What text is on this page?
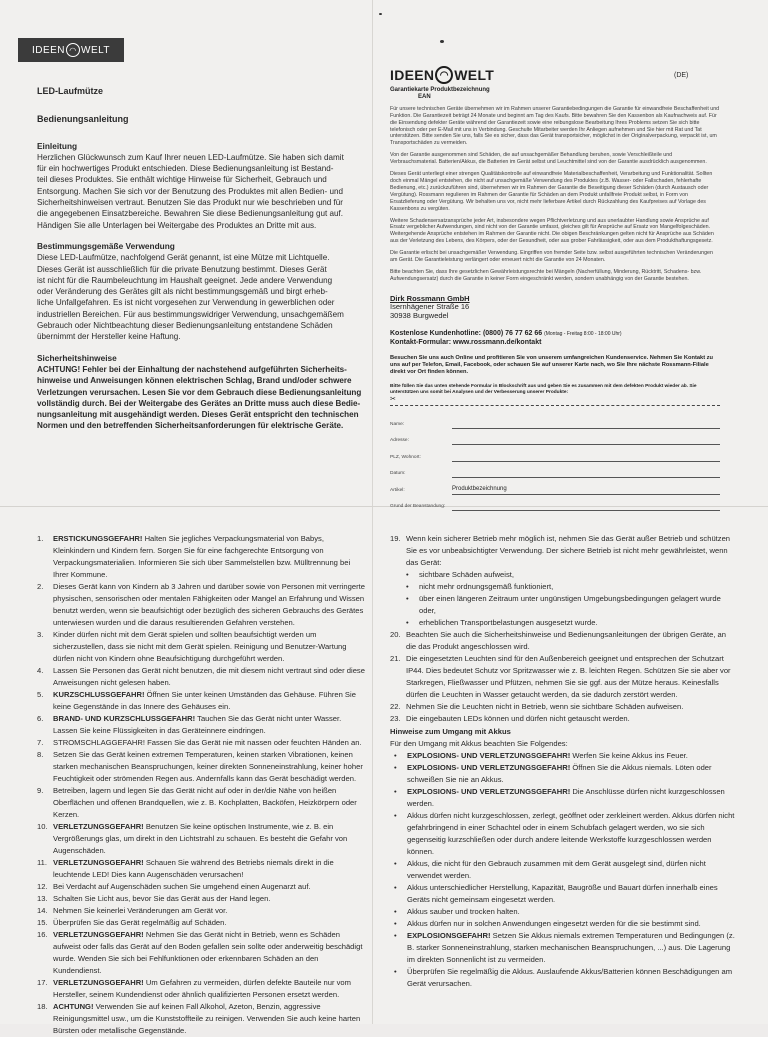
IDEEN ◠ WELT
LED-Laufmütze
Bedienungsanleitung
Einleitung
Herzlichen Glückwunsch zum Kauf Ihrer neuen LED-Laufmütze. Sie haben sich damit
für ein hochwertiges Produkt entschieden. Diese Bedienungsanleitung ist Bestand-
teil dieses Produktes. Sie enthält wichtige Hinweise für Sicherheit, Gebrauch und
Entsorgung. Machen Sie sich vor der Benutzung des Produktes mit allen Bedien- und
Sicherheitshinweisen vertraut. Benutzen Sie das Produkt nur wie beschrieben und für
die angegebenen Einsatzbereiche. Bewahren Sie diese Bedienungsanleitung gut auf.
Händigen Sie alle Unterlagen bei Weitergabe des Produktes an Dritte mit aus.
Bestimmungsgemäße Verwendung
Diese LED-Laufmütze, nachfolgend Gerät genannt, ist eine Mütze mit Lichtquelle.
Dieses Gerät ist ausschließlich für die private Benutzung bestimmt. Dieses Gerät
ist nicht für die Raumbeleuchtung im Haushalt geeignet. Jede andere Verwendung
oder Veränderung des Gerätes gilt als nicht bestimmungsgemäß und birgt erheb-
liche Unfallgefahren. Es ist nicht vorgesehen zur Verwendung in gewerblichen oder
industriellen Bereichen. Für aus bestimmungswidriger Verwendung, unsachgemäßem
Gebrauch oder Nichtbeachtung dieser Bedienungsanleitung entstandene Schäden
übernimmt der Hersteller keine Haftung.
Sicherheitshinweise
ACHTUNG! Fehler bei der Einhaltung der nachstehend aufgeführten Sicherheits-
hinweise und Anweisungen können elektrischen Schlag, Brand und/oder schwere
Verletzungen verursachen. Lesen Sie vor dem Gebrauch diese Bedienungsanleitung
vollständig durch. Bei der Weitergabe des Gerätes an Dritte muss auch diese Bedie-
nungsanleitung mit ausgehändigt werden. Dieses Gerät entspricht den technischen
Normen und den betreffenden Sicherheitsanforderungen für elektrische Geräte.
IDEEN ◠ WELT	(DE)
Garantiekarte Produktbezeichnung
EAN
Für unsere technischen Geräte übernehmen wir im Rahmen unserer Garantiebedingungen die Garantie für einwandfreie Beschaffenheit und Funktion. Die Garantiezeit beträgt 24 Monate und beginnt am Tag des Kaufs. Bitte bewahren Sie den Kassenbon als Kaufnachweis auf. Für die Einsendung defekter Geräte während der Garantiezeit sowie eine reibungslose Bearbeitung Ihres Problems setzen Sie sich bitte telefonisch oder per E-Mail mit uns in Verbindung. Geschulte Mitarbeiter werden Ihr Anliegen aufnehmen und Sie hier mit Rat und Tat unterstützen. Bitte senden Sie uns, falls Sie es sicher, dass das Gerät transportsicher, möglichst in der Originalverpackung, verpackt ist, um Transportschäden zu vermeiden.
Von der Garantie ausgenommen sind Schäden, die auf unsachgemäßer Behandlung beruhen, sowie Verschleißteile und Verbrauchsmaterial. Batterien/Akkus, die Batterien im Gerät selbst und Leuchtmittel sind von der Garantie ausdrücklich ausgenommen.
Dieses Gerät unterliegt einer strengen Qualitätskontrolle auf einwandfreie Materialbeschaffenheit, Verarbeitung und Funktionalität. Sollten doch einmal Mängel entstehen, die nicht auf unsachgemäße Verwendung des Produktes (z.B. Wasser- oder Fallschaden, fehlerhafte Bedienung, etc.) zurückzuführen sind, übernehmen wir im Rahmen der Garantie die Beseitigung dieser Schäden (durch Austausch oder Vergütung). Rossmann regulieren im Rahmen der Garantie für Schäden an dem Produkt unfallfreie Produkt selbst, in Form von Ersatzlieferung oder Vergütung. Wir behalten uns vor, nicht mehr lieferbare Artikel durch Rückzahlung des Kaufpreises auf Vorlage des Kassenbons zu vergüten.
Weitere Schadensersatzansprüche jeder Art, insbesondere wegen Pflichtverletzung und aus unerlaubter Handlung sowie Ansprüche auf Ersatz vergeblicher Aufwendungen, sind nicht von der Garantie umfasst, gleiches gilt für Ansprüche auf Ersatz von Mangelfolgeschäden. Weitergehende Ansprüche entstehen im Rahmen der Garantie nicht. Die obigen Beschränkungen gelten nicht für Ansprüche aus Schäden aus der Verletzung des Lebens, des Körpers, oder der Gesundheit, oder aus grober Fahrlässigkeit, oder aus dem Produkthaftungsgesetz.
Die Garantie erlischt bei unsachgemäßer Verwendung. Eingriffen von fremder Seite bzw. selbst ausgeführten technischen Veränderungen am Gerät. Die Garantieleistung verlängert oder erneuert nicht die Garantie von 24 Monaten.
Bitte beachten Sie, dass Ihre gesetzlichen Gewährleistungsrechte bei Mängeln (Nacherfüllung, Minderung, Rücktritt, Schadens- bzw. Aufwendungsersatz) durch die Garantie in keiner Form eingeschränkt werden, sondern unabhängig von der Garantie bestehen.
Dirk Rossmann GmbH
Isernhägener Straße 16
30938 Burgwedel
Kostenlose Kundenhotline: (0800) 76 77 62 66 (Montag - Freitag 8:00 - 18:00 Uhr)
Kontakt-Formular: www.rossmann.de/kontakt
Besuchen Sie uns auch Online und profitieren Sie von unserem umfangreichen Kundenservice. Nehmen Sie Kontakt zu uns auf per Telefon, Email, Facebook, oder schauen Sie auf unserer Karte nach, wo Sie Ihre nächste Rossmann-Filiale direkt vor Ort finden können.
Bitte füllen Sie das unten stehende Formular in Blockschrift aus und geben Sie es zusammen mit dem defekten Produkt wieder ab. Sie unterstützen uns somit bei Analysen und der Verbesserung unserer Produkte:
✂
Name:
Adresse:
PLZ, Wohnort:
Datum:
Artikel:	Produktbezeichnung
Grund der Beanstandung:
1.	ERSTICKUNGSGEFAHR! Halten Sie jegliches Verpackungsmaterial von Babys, Kleinkindern und Kindern fern. Sorgen Sie für eine fachgerechte Entsorgung von Verpackungsmaterialien. Informieren Sie sich über Sammelstellen bzw. Mülltrennung bei Ihrer Kommune.
2.	Dieses Gerät kann von Kindern ab 3 Jahren und darüber sowie von Personen mit verringerte physischen, sensorischen oder mentalen Fähigkeiten oder Mangel an Erfahrung und Wissen benutzt werden, wenn sie beaufsichtigt oder bezüglich des sicheren Gebrauchs des Gerätes unterwiesen wurden und die daraus resultierenden Gefahren verstehen.
3.	Kinder dürfen nicht mit dem Gerät spielen und sollten beaufsichtigt werden um sicherzustellen, dass sie nicht mit dem Gerät spielen. Reinigung und Benutzer-Wartung dürfen nicht von Kindern ohne Beaufsichtigung durchgeführt werden.
4.	Lassen Sie Personen das Gerät nicht benutzen, die mit diesem nicht vertraut sind oder diese Anweisungen nicht gelesen haben.
5.	KURZSCHLUSSGEFAHR! Öffnen Sie unter keinen Umständen das Gehäuse. Führen Sie keine Gegenstände in das Innere des Gehäuses ein.
6.	BRAND- UND KURZSCHLUSSGEFAHR! Tauchen Sie das Gerät nicht unter Wasser. Lassen Sie keine Flüssigkeiten in das Geräteinnere eindringen.
7.	STROMSCHLAGGEFAHR! Fassen Sie das Gerät nie mit nassen oder feuchten Händen an.
8.	Setzen Sie das Gerät keinen extremen Temperaturen, keinen starken Vibrationen, keinen starken mechanischen Beanspruchungen, keiner direkten Sonneneinstrahlung, keiner hoher Feuchtigkeit oder strömenden Regen aus. Andernfalls kann das Gerät beschädigt werden.
9.	Betreiben, lagern und legen Sie das Gerät nicht auf oder in der/die Nähe von heißen Oberflächen und offenen Brandquellen, wie z. B. Kochplatten, Backöfen, Heizkörpern oder Kerzen.
10. VERLETZUNGSGEFAHR! Benutzen Sie keine optischen Instrumente, wie z. B. ein Vergrößerungs glas, um direkt in den Lichtstrahl zu schauen. Es besteht die Gefahr von Augenschäden.
11. VERLETZUNGSGEFAHR! Schauen Sie während des Betriebs niemals direkt in die leuchtende LED! Dies kann Augenschäden verursachen!
12. Bei Verdacht auf Augenschäden suchen Sie umgehend einen Augenarzt auf.
13. Schalten Sie Licht aus, bevor Sie das Gerät aus der Hand legen.
14. Nehmen Sie keinerlei Veränderungen am Gerät vor.
15. Überprüfen Sie das Gerät regelmäßig auf Schäden.
16. VERLETZUNGSGEFAHR! Nehmen Sie das Gerät nicht in Betrieb, wenn es Schäden aufweist oder falls das Gerät auf den Boden gefallen sein sollte oder anderweitig beschädigt wurde. Wenden Sie sich bei Fehlfunktionen oder erkennbaren Schäden an den Kundendienst.
17. VERLETZUNGSGEFAHR! Um Gefahren zu vermeiden, dürfen defekte Bauteile nur vom Hersteller, seinem Kundendienst oder ähnlich qualifizierten Personen ersetzt werden.
18. ACHTUNG! Verwenden Sie auf keinen Fall Alkohol, Azeton, Benzin, aggressive Reinigungsmittel usw., um die Kunststoffteile zu reinigen. Verwenden Sie auch keine harten Bürsten oder metallische Gegenstände.
19. Wenn kein sicherer Betrieb mehr möglich ist, nehmen Sie das Gerät außer Betrieb und schützen Sie es vor unbeabsichtigter Verwendung. Der sichere Betrieb ist nicht mehr gewährleistet, wenn das Gerät:
•	sichtbare Schäden aufweist,
•	nicht mehr ordnungsgemäß funktioniert,
•	über einen längeren Zeitraum unter ungünstigen Umgebungsbedingungen gelagert wurde oder,
•	erheblichen Transportbelastungen ausgesetzt wurde.
20. Beachten Sie auch die Sicherheitshinweise und Bedienungsanleitungen der übrigen Geräte, an die das Produkt angeschlossen wird.
21. Die eingesetzten Leuchten sind für den Außenbereich geeignet und entsprechen der Schutzart IP44. Dies bedeutet Schutz vor Spritzwasser wie z. B. leichten Regen. Schützen Sie sie aber vor Starkregen, Fließwasser und Pfützen, nehmen Sie sie ggf. aus der Mütze heraus. Keinesfalls dürfen die Leuchten in Wasser getaucht werden, da sie dadurch zerstört werden.
22. Nehmen Sie die Leuchten nicht in Betrieb, wenn sie sichtbare Schäden aufweisen.
23. Die eingebauten LEDs können und dürfen nicht getauscht werden.
Hinweise zum Umgang mit Akkus
Für den Umgang mit Akkus beachten Sie Folgendes:
•	EXPLOSIONS- UND VERLETZUNGSGEFAHR! Werfen Sie keine Akkus ins Feuer.
•	EXPLOSIONS- UND VERLETZUNGSGEFAHR! Öffnen Sie die Akkus niemals. Löten oder schweißen Sie nie an Akkus.
•	EXPLOSIONS- UND VERLETZUNGSGEFAHR! Die Anschlüsse dürfen nicht kurzgeschlossen werden.
•	Akkus dürfen nicht kurzgeschlossen, zerlegt, geöffnet oder zerkleinert werden. Akkus dürfen nicht gefahrbringend in einer Schachtel oder in einem Schubfach gelagert werden, wo sie sich gegenseitig kurzschließen oder durch andere leitende Werkstoffe kurzgeschlossen werden können.
•	Akkus, die nicht für den Gebrauch zusammen mit dem Gerät ausgelegt sind, dürfen nicht verwendet werden.
•	Akkus unterschiedlicher Herstellung, Kapazität, Baugröße und Bauart dürfen innerhalb eines Geräts nicht gemeinsam eingesetzt werden.
•	Akkus sauber und trocken halten.
•	Akkus dürfen nur in solchen Anwendungen eingesetzt werden für die sie bestimmt sind.
•	EXPLOSIONSGEFAHR! Setzen Sie Akkus niemals extremen Temperaturen und Bedingungen (z. B. starker Sonneneinstrahlung, starken mechanischen Beanspruchungen, ...) aus. Die Lagerung im direkten Sonnenlicht ist zu vermeiden.
•	Überprüfen Sie regelmäßig die Akkus. Auslaufende Akkus/Batterien können Beschädigungen am Gerät verursachen.
